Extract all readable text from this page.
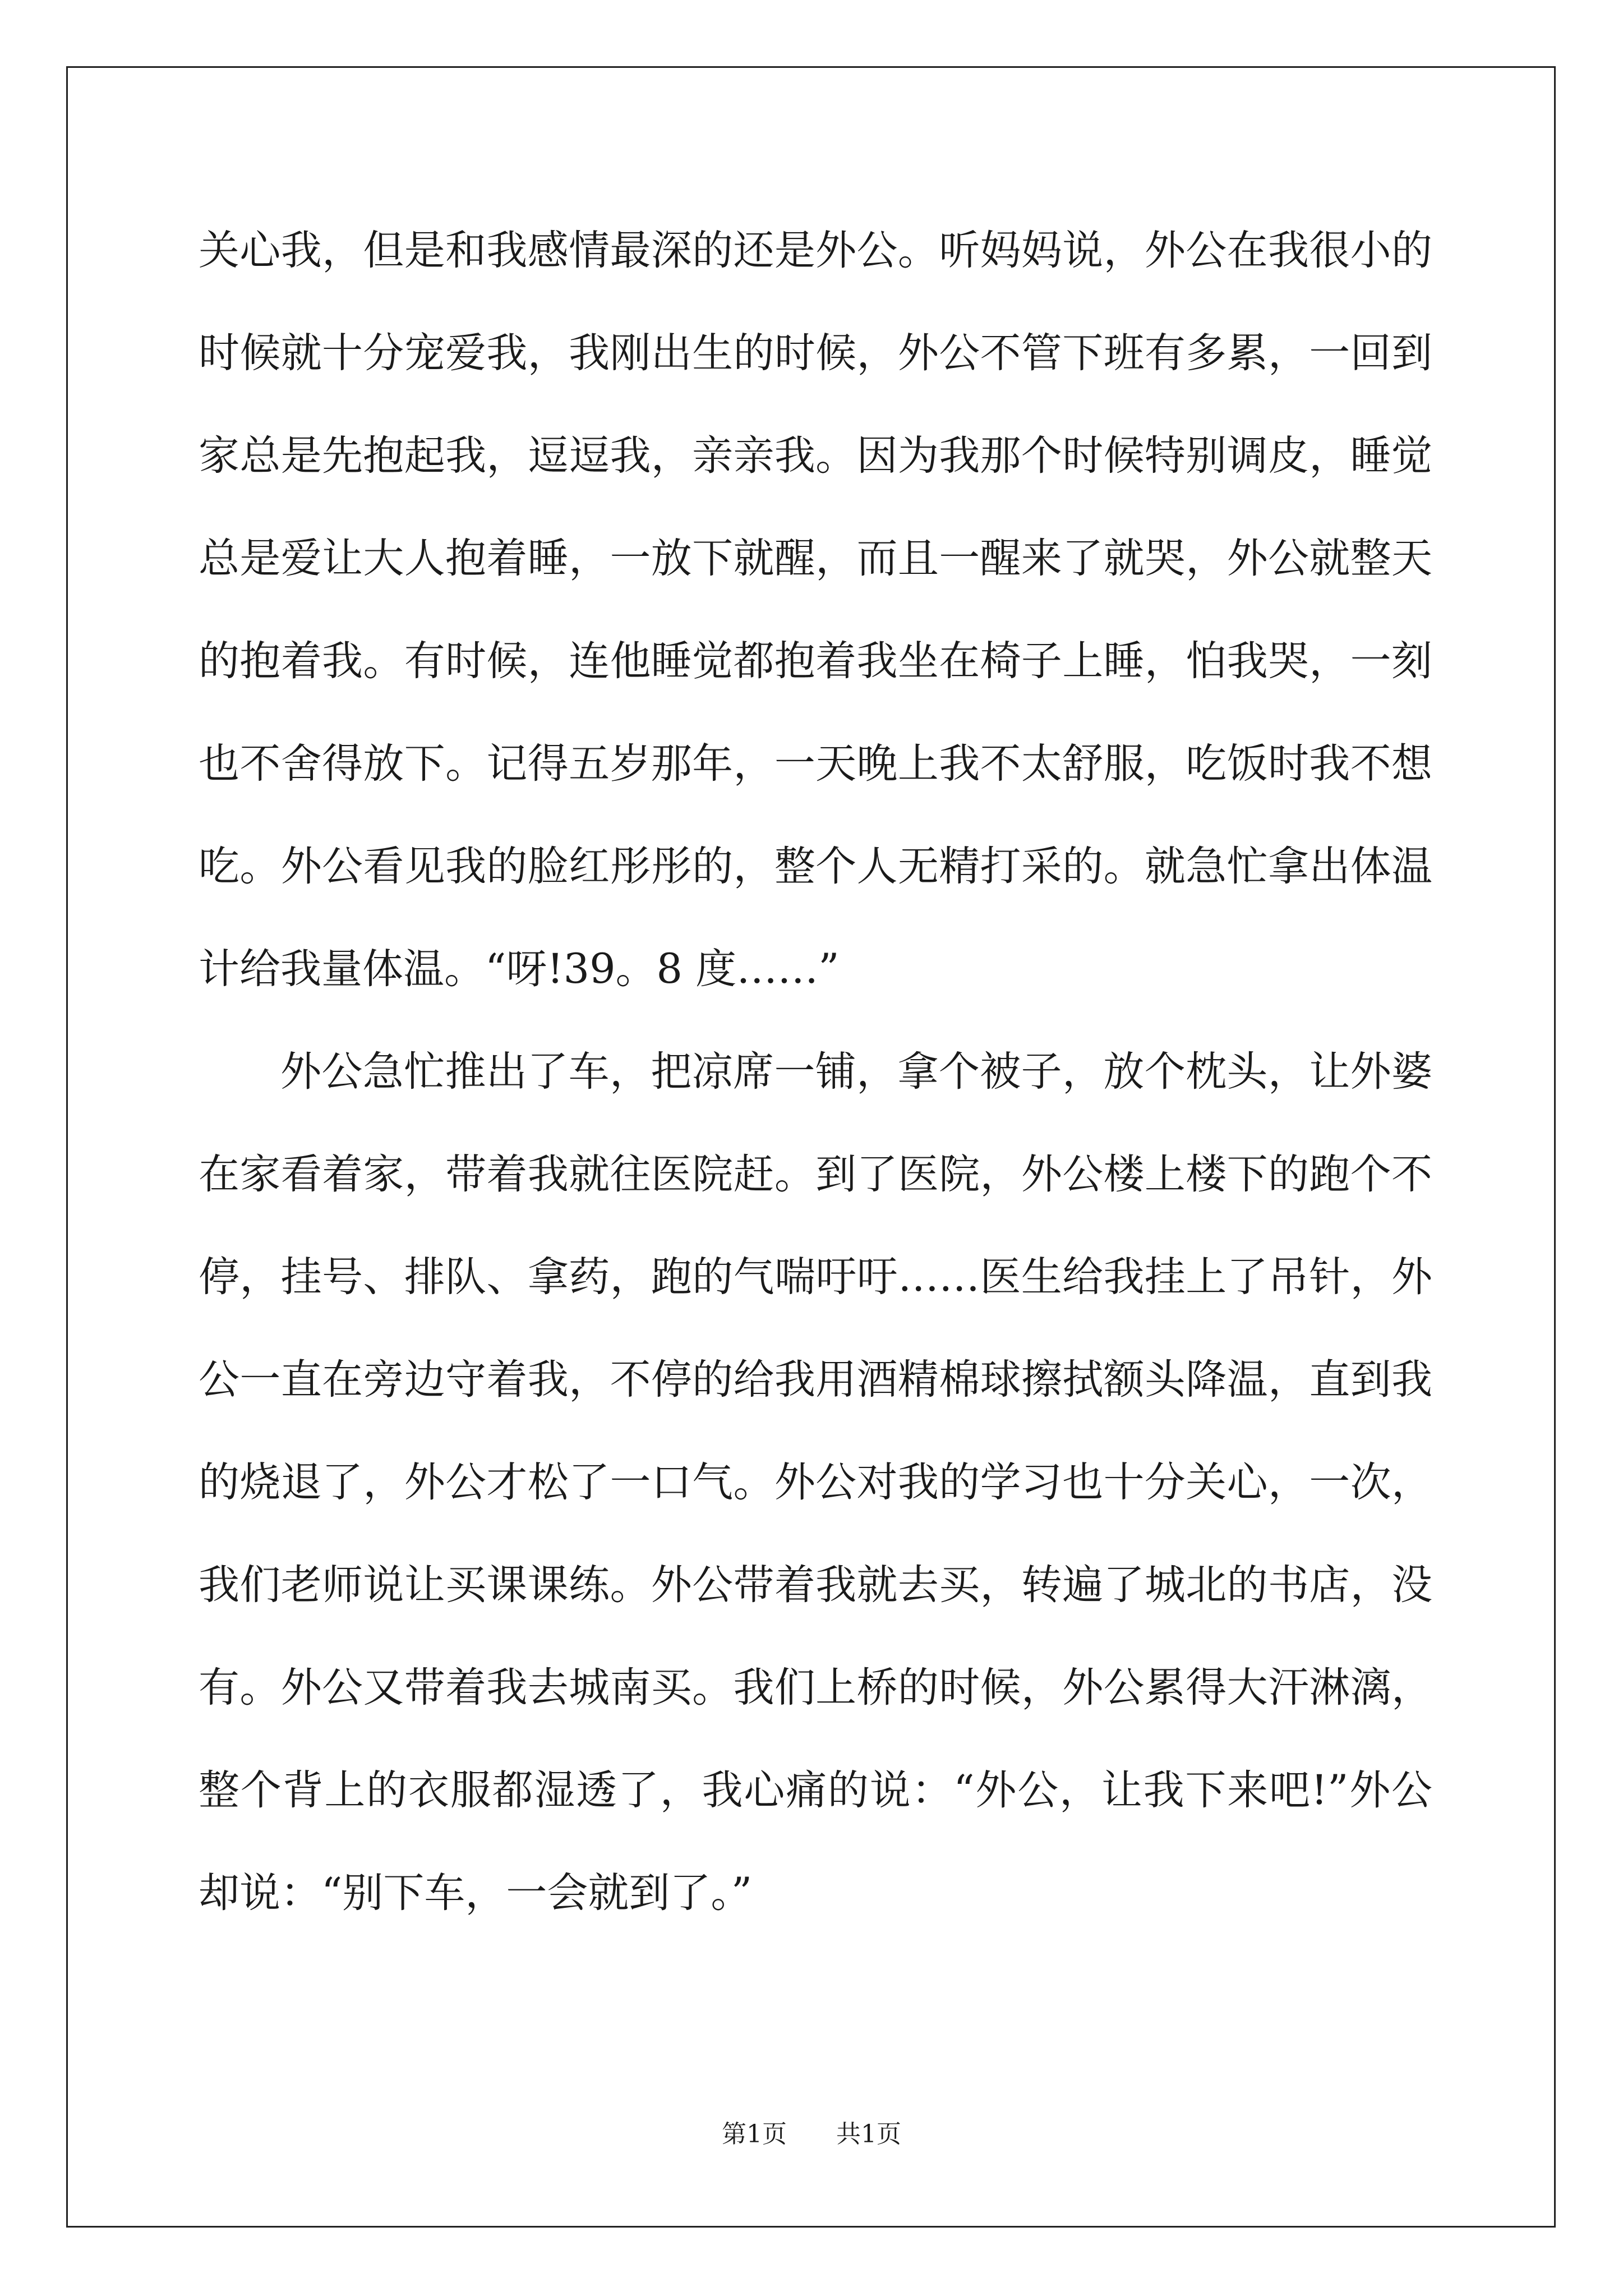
关心我，但是和我感情最深的还是外公。听妈妈说，外公在我很小的
时候就十分宠爱我，我刚出生的时候，外公不管下班有多累，一回到
家总是先抱起我，逗逗我，亲亲我。因为我那个时候特别调皮，睡觉
总是爱让大人抱着睡，一放下就醒，而且一醒来了就哭，外公就整天
的抱着我。有时候，连他睡觉都抱着我坐在椅子上睡，怕我哭，一刻
也不舍得放下。记得五岁那年，一天晚上我不太舒服，吃饭时我不想
吃。外公看见我的脸红彤彤的，整个人无精打采的。就急忙拿出体温
计给我量体温。“呀!39。8 度……”
外公急忙推出了车，把凉席一铺，拿个被子，放个枕头，让外婆
在家看着家，带着我就往医院赶。到了医院，外公楼上楼下的跑个不
停，挂号、排队、拿药，跑的气喘吁吁……医生给我挂上了吊针，外
公一直在旁边守着我，不停的给我用酒精棉球擦拭额头降温，直到我
的烧退了，外公才松了一口气。外公对我的学习也十分关心，一次，
我们老师说让买课课练。外公带着我就去买，转遍了城北的书店，没
有。外公又带着我去城南买。我们上桥的时候，外公累得大汗淋漓，
整个背上的衣服都湿透了，我心痛的说：“外公，让我下来吧!”外公
却说：“别下车，一会就到了。”
第1页 共1页
